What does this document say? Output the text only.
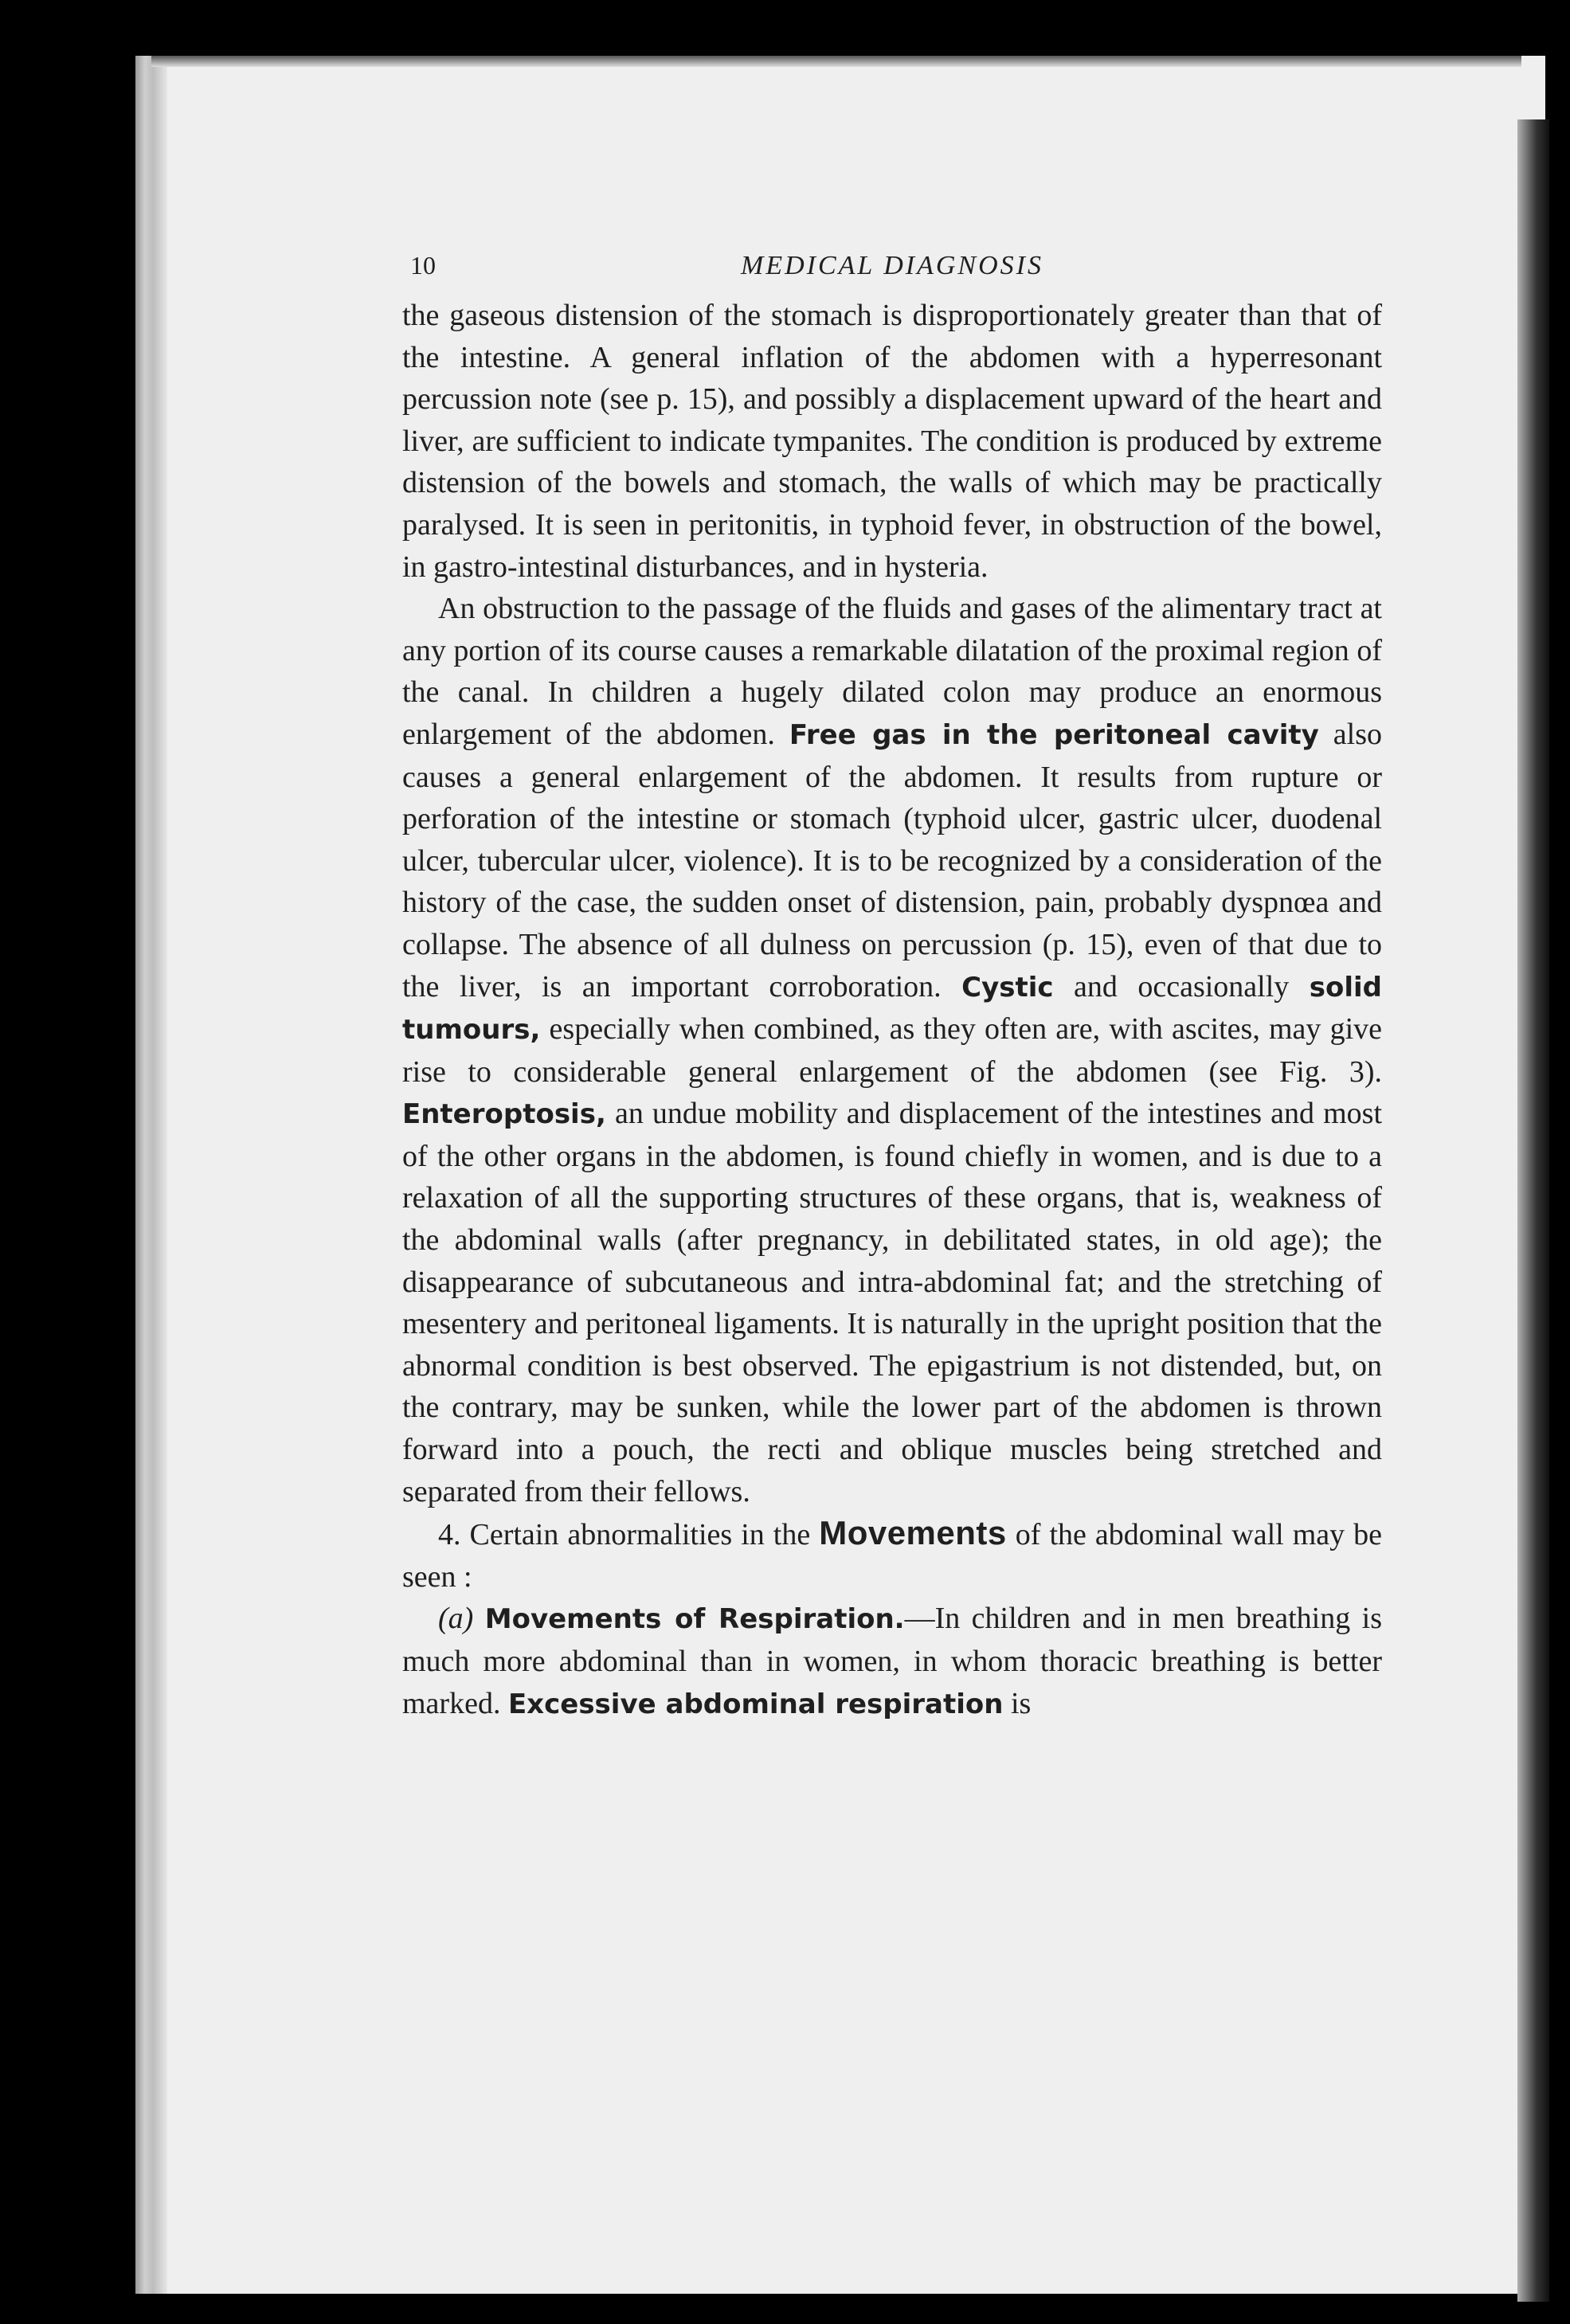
10	MEDICAL DIAGNOSIS

the gaseous distension of the stomach is disproportionately greater than that of the intestine. A general inflation of the abdomen with a hyperresonant percussion note (see p. 15), and possibly a displacement upward of the heart and liver, are sufficient to indicate tympanites. The condition is produced by extreme distension of the bowels and stomach, the walls of which may be practically paralysed. It is seen in peritonitis, in typhoid fever, in obstruction of the bowel, in gastro-intestinal disturbances, and in hysteria.

An obstruction to the passage of the fluids and gases of the alimentary tract at any portion of its course causes a remarkable dilatation of the proximal region of the canal. In children a hugely dilated colon may produce an enormous enlargement of the abdomen. Free gas in the peritoneal cavity also causes a general enlargement of the abdomen. It results from rupture or perforation of the intestine or stomach (typhoid ulcer, gastric ulcer, duodenal ulcer, tubercular ulcer, violence). It is to be recognized by a consideration of the history of the case, the sudden onset of distension, pain, probably dyspnœa and collapse. The absence of all dulness on percussion (p. 15), even of that due to the liver, is an important corroboration. Cystic and occasionally solid tumours, especially when combined, as they often are, with ascites, may give rise to considerable general enlargement of the abdomen (see Fig. 3). Enteroptosis, an undue mobility and displacement of the intestines and most of the other organs in the abdomen, is found chiefly in women, and is due to a relaxation of all the supporting structures of these organs, that is, weakness of the abdominal walls (after pregnancy, in debilitated states, in old age); the disappearance of subcutaneous and intra-abdominal fat; and the stretching of mesentery and peritoneal ligaments. It is naturally in the upright position that the abnormal condition is best observed. The epigastrium is not distended, but, on the contrary, may be sunken, while the lower part of the abdomen is thrown forward into a pouch, the recti and oblique muscles being stretched and separated from their fellows.

4. Certain abnormalities in the Movements of the abdominal wall may be seen :

(a) Movements of Respiration.—In children and in men breathing is much more abdominal than in women, in whom thoracic breathing is better marked. Excessive abdominal respiration is
